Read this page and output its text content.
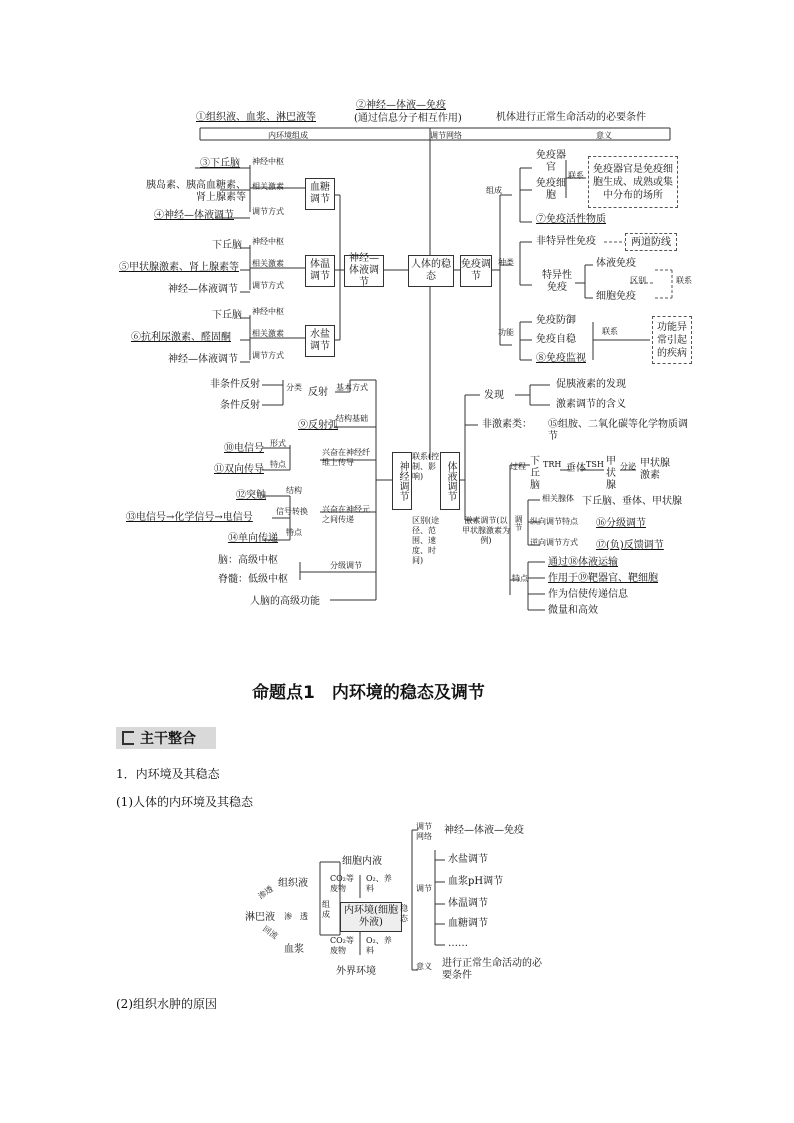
①组织液、血浆、淋巴液等
②神经—体液—免疫
(通过信息分子相互作用)	机体进行正常生命活动的必要条件
内环境组成	调节网络	意义
人体的稳态
神经—体液调节
血糖调节
神经中枢
③下丘脑
相关激素
胰岛素、胰高血糖素、肾上腺素等
调节方式
④神经—体液调节
体温调节
神经中枢
下丘脑
相关激素
⑤甲状腺激素、肾上腺素等
调节方式
神经—体液调节
水盐调节
神经中枢
下丘脑
相关激素
⑥抗利尿激素、醛固酮
调节方式
神经—体液调节
免疫调节
组成
免疫器官
免疫细胞
联系
免疫器官是免疫细胞生成、成熟或集中分布的场所
⑦免疫活性物质
种类
非特异性免疫	两道防线
特异性免疫
体液免疫
细胞免疫
区别	联系
功能
免疫防御
免疫自稳
⑧免疫监视
联系	功能异常引起的疾病
神经调节
非条件反射
条件反射
分类 反射 基本方式
结构基础
⑨反射弧
形式
⑩电信号
特点
⑪双向传导
兴奋在神经纤维上传导
⑫突触	结构
信号转换
⑬电信号→化学信号→电信号
特点
⑭单向传递
兴奋在神经元之间传递
脑：高级中枢
脊髓：低级中枢
分级调节
人脑的高级功能
联系(控制、影响)
区别(途径、范围、速度、时间)
体液调节
发现
促胰液素的发现
激素调节的含义
非激素类： ⑮组胺、二氧化碳等化学物质调节
激素调节(以甲状腺激素为例)
过程 下丘脑
TRH 垂体 TSH 甲状腺
分泌 甲状腺激素
调节
相关腺体 下丘脑、垂体、甲状腺
纵向调节特点 ⑯分级调节
逆向调节方式 ⑰(负)反馈调节
特点
通过⑱体液运输
作用于⑲靶器官、靶细胞
作为信使传递信息
微量和高效
命题点1　内环境的稳态及调节
主干整合
1．内环境及其稳态
(1)人体的内环境及其稳态
(2)组织水肿的原因
组织液
淋巴液
血浆
渗透
渗 透
回流
细胞内液
CO₂等废物
O₂、养料
组成	内环境(细胞外液)
CO₂等废物
O₂、养料
外界环境
稳态
调节网络
神经—体液—免疫
调节
水盐调节
血浆pH调节
体温调节
血糖调节
……
意义 进行正常生命活动的必要条件
